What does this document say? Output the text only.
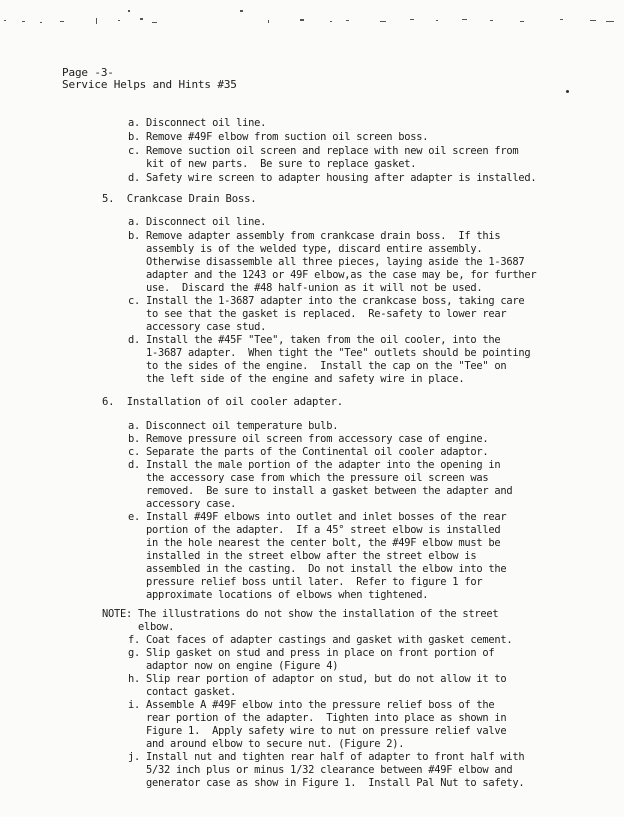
Page -3-
Service Helps and Hints #35
a. Disconnect oil line.
b. Remove #49F elbow from suction oil screen boss.
c. Remove suction oil screen and replace with new oil screen from
kit of new parts.  Be sure to replace gasket.
d. Safety wire screen to adapter housing after adapter is installed.
5.  Crankcase Drain Boss.
a. Disconnect oil line.
b. Remove adapter assembly from crankcase drain boss.  If this
assembly is of the welded type, discard entire assembly.
Otherwise disassemble all three pieces, laying aside the 1-3687
adapter and the 1243 or 49F elbow,as the case may be, for further
use.  Discard the #48 half-union as it will not be used.
c. Install the 1-3687 adapter into the crankcase boss, taking care
to see that the gasket is replaced.  Re-safety to lower rear
accessory case stud.
d. Install the #45F "Tee", taken from the oil cooler, into the
1-3687 adapter.  When tight the "Tee" outlets should be pointing
to the sides of the engine.  Install the cap on the "Tee" on
the left side of the engine and safety wire in place.
6.  Installation of oil cooler adapter.
a. Disconnect oil temperature bulb.
b. Remove pressure oil screen from accessory case of engine.
c. Separate the parts of the Continental oil cooler adaptor.
d. Install the male portion of the adapter into the opening in
the accessory case from which the pressure oil screen was
removed.  Be sure to install a gasket between the adapter and
accessory case.
e. Install #49F elbows into outlet and inlet bosses of the rear
portion of the adapter.  If a 45° street elbow is installed
in the hole nearest the center bolt, the #49F elbow must be
installed in the street elbow after the street elbow is
assembled in the casting.  Do not install the elbow into the
pressure relief boss until later.  Refer to figure 1 for
approximate locations of elbows when tightened.
NOTE: The illustrations do not show the installation of the street
elbow.
f. Coat faces of adapter castings and gasket with gasket cement.
g. Slip gasket on stud and press in place on front portion of
adaptor now on engine (Figure 4)
h. Slip rear portion of adaptor on stud, but do not allow it to
contact gasket.
i. Assemble A #49F elbow into the pressure relief boss of the
rear portion of the adapter.  Tighten into place as shown in
Figure 1.  Apply safety wire to nut on pressure relief valve
and around elbow to secure nut. (Figure 2).
j. Install nut and tighten rear half of adapter to front half with
5/32 inch plus or minus 1/32 clearance between #49F elbow and
generator case as show in Figure 1.  Install Pal Nut to safety.
